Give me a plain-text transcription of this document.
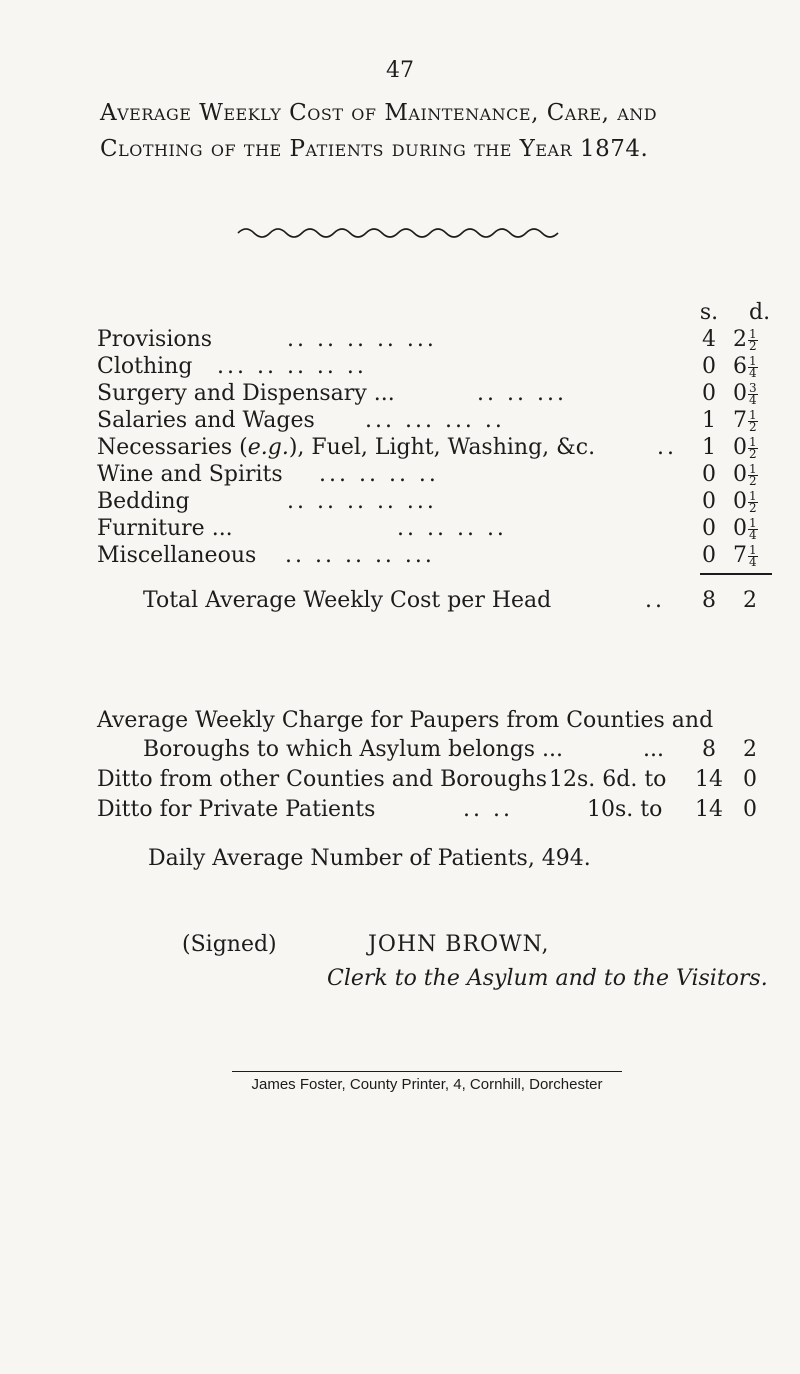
47
Average Weekly Cost of Maintenance, Care, and
Clothing of the Patients during the Year 1874.
s.	d.
Provisions	.. .. .. .. ...	4 $2 \frac{1}{2}$
Clothing ... .. .. .. ..	0 $6 \frac{1}{4}$
Surgery and Dispensary ...	.. .. ...	0 $0 \frac{3}{4}$
Salaries and Wages ... ... ... ..	1 $7 \frac{1}{2}$
Necessaries (e.g.), Fuel, Light, Washing, &c.	..	1 $0 \frac{1}{2}$
Wine and Spirits ... .. .. ..	0 $0 \frac{1}{2}$
Bedding	.. .. .. .. ...	0 $0 \frac{1}{2}$
Furniture ...	.. .. .. ..	0 $0 \frac{1}{4}$
Miscellaneous .. .. .. .. ...	0 $7 \frac{1}{4}$
Total Average Weekly Cost per Head	..	8	2
Average Weekly Charge for Paupers from Counties and
Boroughs to which Asylum belongs ...	...	8	2
Ditto from other Counties and Boroughs 12s. 6d. to 14 0
Ditto for Private Patients	.. ..	10s. to 14 0
Daily Average Number of Patients, 494.
(Signed)	JOHN BROWN,
Clerk to the Asylum and to the Visitors.
James Foster, County Printer, 4, Cornhill, Dorchester
